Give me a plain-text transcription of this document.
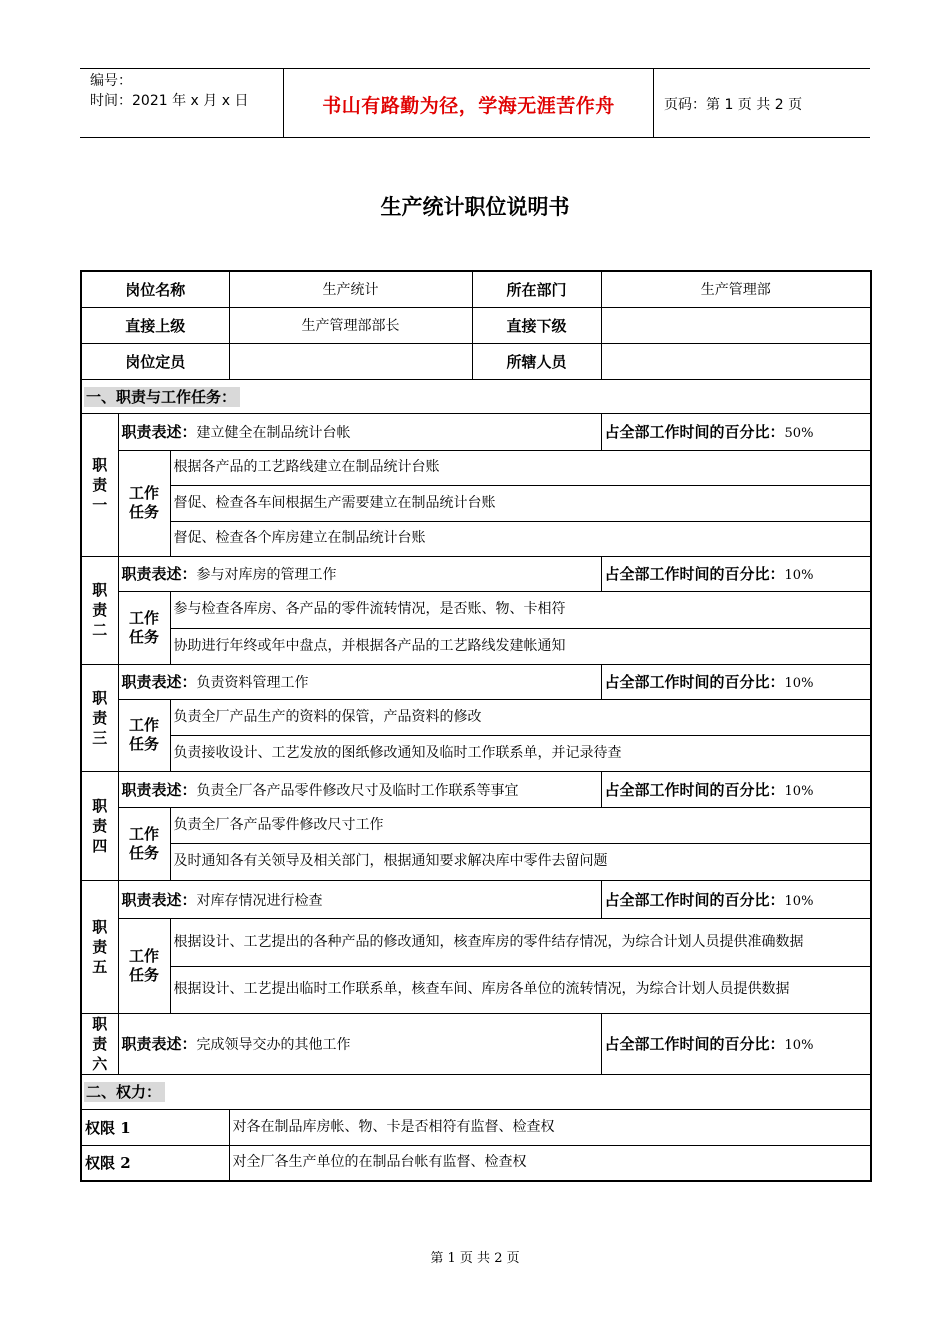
编号：
时间：2021 年 x 月 x 日	书山有路勤为径，学海无涯苦作舟	页码：第 1 页 共 2 页
生产统计职位说明书
岗位名称			生产统计	所在部门	生产管理部
直接上级			生产管理部部长	直接下级	
岗位定员				所辖人员	
一、职责与工作任务：					

职
责
一	职责表述：建立健全在制品统计台帐				占全部工作时间的百分比：50%

	工作
任务	根据各产品的工艺路线建立在制品统计台账			
		督促、检查各车间根据生产需要建立在制品统计台账			
		督促、检查各个库房建立在制品统计台账			

职
责
二	职责表述：参与对库房的管理工作				占全部工作时间的百分比：10%

	工作
任务	参与检查各库房、各产品的零件流转情况，是否账、物、卡相符			
		协助进行年终或年中盘点，并根据各产品的工艺路线发建帐通知			

职
责
三	职责表述：负责资料管理工作				占全部工作时间的百分比：10%

	工作
任务	负责全厂产品生产的资料的保管，产品资料的修改			
		负责接收设计、工艺发放的图纸修改通知及临时工作联系单，并记录待查			

职
责
四	职责表述：负责全厂各产品零件修改尺寸及临时工作联系等事宜				占全部工作时间的百分比：10%

	工作
任务	负责全厂各产品零件修改尺寸工作			
		及时通知各有关领导及相关部门，根据通知要求解决库中零件去留问题			

职
责
五	职责表述：对库存情况进行检查				占全部工作时间的百分比：10%

	工作
任务	根据设计、工艺提出的各种产品的修改通知，核查库房的零件结存情况，为综合计划人员提供准确数据			
		根据设计、工艺提出临时工作联系单，核查车间、库房各单位的流转情况，为综合计划人员提供数据			

职
责
六	职责表述：完成领导交办的其他工作				占全部工作时间的百分比：10%
二、权力：					
权限 1			对各在制品库房帐、物、卡是否相符有监督、检查权		
权限 2			对全厂各生产单位的在制品台帐有监督、检查权		
第 1 页 共 2 页
